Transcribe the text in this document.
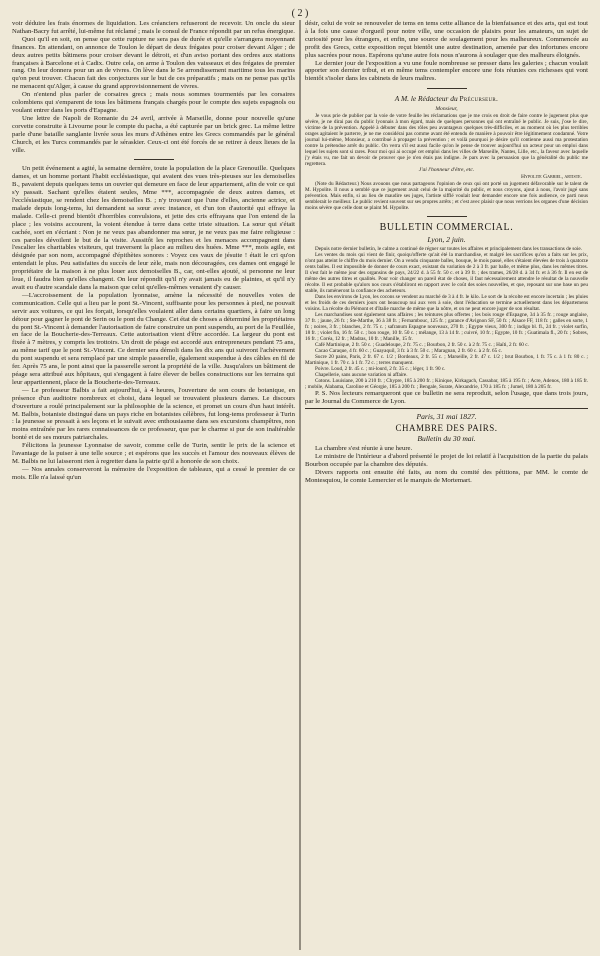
( 2 )

voir déduire les frais énormes de liquidation. Les créanciers refuseront de recevoir. Un oncle du sieur Nathan-Bacry fut arrêté, lui-même fut réclamé ; mais le consul de France répondit par un refus énergique.

Quoi qu'il en soit, on pense que cette rupture ne sera pas de durée et qu'elle s'arrangera moyennant finances. En attendant, on annonce de Toulon le départ de deux frégates pour croiser devant Alger ; de deux autres petits bâtimens pour croiser devant le détroit, et d'un aviso portant des ordres aux stations françaises à Barcelone et à Cadix. Outre cela, on arme à Toulon des vaisseaux et des frégates de premier rang. On leur donnera pour un an de vivres. On lève dans le 5e arrondissement maritime tous les marins qu'on peut trouver. Chacun fait des conjectures sur le but de ces préparatifs ; mais on ne pense pas qu'ils ne menacent qu'Alger, à cause du grand approvisionnement de vivres.

On n'entend plus parler de corsaires grecs ; mais nous sommes tourmentés par les corsaires colombiens qui s'emparent de tous les bâtimens français chargés pour le compte des sujets espagnols ou voulant entrer dans les ports d'Espagne.

Une lettre de Napoli de Romanie du 24 avril, arrivée à Marseille, donne pour nouvelle qu'une corvette construite à Livourne pour le compte du pacha, a été capturée par un brick grec. La même lettre parle d'une bataille sanglante livrée sous les murs d'Athènes entre les Grecs commandés par le général Church, et les Turcs commandés par le séraskier. Ceux-ci ont été forcés de se retirer à deux lieues de la ville.

Un petit événement a agité, la semaine dernière, toute la population de la place Grenouille. Quelques dames, et un homme portant l'habit ecclésiastique, qui avaient des vues très-pieuses sur les demoiselles B., pavaient depuis quelques tems un ouvrier qui demeure en face de leur appartement, afin de voir ce qui s'y passait. Sachant qu'elles étaient seules, Mme ***, accompagnée de deux autres dames, et l'ecclésiastique, se rendent chez les demoiselles B. ; n'y trouvant que l'une d'elles, ancienne actrice, et malade depuis long-tems, lui demandent sa sœur avec instance, et d'un ton d'autorité qui effraye la malade. Celle-ci prend bientôt d'horribles convulsions, et jette des cris effrayans que l'on entend de la place ; les voisins accourent, la voient étendue à terre dans cette triste situation. La sœur qui s'était cachée, sort en s'écriant : Non je ne veux pas abandonner ma sœur, je ne veux pas me faire religieuse : ces paroles dévoilent le but de la visite. Aussitôt les reproches et les menaces accompagnent dans l'escalier les charitables visiteurs, qui traversent la place au milieu des huées. Mme ***, mois agile, est désignée par son nom, accompagné d'épithètes sonores : Voyez ces vaux de jésuite ! était le cri qu'on entendait le plus. Peu satisfaites du succès de leur zèle, mais non découragées, ces dames ont engagé le propriétaire de la maison à ne plus louer aux demoiselles B., car, ont-elles ajouté, si personne ne leur loue, il faudra bien qu'elles changent. On leur répondit qu'il n'y avait jamais eu de plaintes, et qu'il n'y avait eu d'autre scandale dans la maison que celui qu'elles-mêmes venaient d'y causer.

—L'accroissement de la population lyonnaise, amène la nécessité de nouvelles voies de communication. Celle qui a lieu par le pont St.-Vincent, suffisante pour les personnes à pied, ne pouvait servir aux voitures, ce qui les forçait, lorsqu'elles voulaient aller dans certains quartiers, à faire un long détour pour gagner le pont de Serin ou le pont du Change. Cet état de choses a déterminé les propriétaires du pont St.-Vincent à demander l'autorisation de faire construire un pont suspendu, au port de la Feuillée, en face de la Boucherie-des-Terreaux. Cette autorisation vient d'être accordée. La largeur du pont est fixée à 7 mètres, y compris les trottoirs. Un droit de péage est accordé aux entrepreneurs pendant 75 ans, au même tarif que le pont St.-Vincent. Ce dernier sera démoli dans les dix ans qui suivront l'achèvement du pont suspendu et sera remplacé par une simple passerelle, également suspendue à des câbles en fil de fer. Après 75 ans, le pont ainsi que la passerelle seront la propriété de la ville. Jusqu'alors un bâtiment de péage sera attribué aux hôpitaux, qui s'engagent à faire élever de belles constructions sur les terrains qui leur appartiennent, place de la Boucherie-des-Terreaux.

— Le professeur Balbis a fait aujourd'hui, à 4 heures, l'ouverture de son cours de botanique, en présence d'un auditoire nombreux et choisi, dans lequel se trouvaient plusieurs dames. Le discours d'ouverture a roulé principalement sur la philosophie de la science, et promet un cours d'un haut intérêt. M. Balbis, botaniste distingué dans un pays riche en botanistes célèbres, fut long-tems professeur à Turin : la jeunesse se pressait à ses leçons et le suivait avec enthousiasme dans ses excursions champêtres, non moins entraînée par les rares connaissances de ce professeur, que par le charme si pur de son inaltérable bonté et de ses mœurs patriarchales.

Félicitons la jeunesse Lyonnaise de savoir, comme celle de Turin, sentir le prix de la science et l'avantage de la puiser à une telle source ; et espérons que les succès et l'amour des nouveaux élèves de M. Balbis ne lui laisseront rien à regretter dans la patrie qu'il a honorée de son choix.

— Nos annales conserveront la mémoire de l'exposition de tableaux, qui a cessé le premier de ce mois. Elle n'a laissé qu'un

désir, celui de voir se renouveler de tems en tems cette alliance de la bienfaisance et des arts, qui est tout à la fois une cause d'orgueil pour notre ville, une occasion de plaisirs pour les amateurs, un sujet de curiosité pour les étrangers, et enfin, une source de soulagement pour les malheureux. Commencée au profit des Grecs, cette exposition reçut bientôt une autre destination, amenée par des infortunes encore plus sacrées pour nous. Espérons qu'une autre fois nous n'aurons à soulager que des malheurs éloignés.

Le dernier jour de l'exposition a vu une foule nombreuse se presser dans les galeries ; chacun voulait apporter son dernier tribut, et en même tems contempler encore une fois réunies ces richesses qui vont bientôt s'isoler dans les cabinets de leurs maîtres.

A M. le Rédacteur du Précurseur.
Monsieur,

Je vous prie de publier par la voie de votre feuille les réclamations que je me crois en droit de faire contre le jugement plus que sévère, je ne dirai pas du public lyonnais à mon égard, mais de quelques personnes qui ont entraîné le public. Je suis, j'ose le dire, victime de la prévention. Appelé à débuter dans des rôles peu avantageux quelques très-difficiles, et au moment où les plus terribles orages agitaient le parterre, je ne me considérai pas comme avant été entendu de manière à pouvoir être légitimement condamné. Votre journal lui-même, Monsieur, a contribué à propager la prévention ; et voilà pourquoi je désire qu'il contienne aussi ma protestation contre la prétendue arrêt du public. On verra s'il est aussi facile qu'on le pense de trouver aujourd'hui un acteur pour un emploi dans lequel les sujets sont si rares. Pour moi qui ai occupé cet emploi dans les villes de Marseille, Nantes, Lille, etc., la faveur avec laquelle j'y étais vu, me fait un devoir de prouver que je n'en étais pas indigne. Je pars avec la persuasion que la généralité du public me regrettera.

J'ai l'honneur d'être, etc.
Hypolite Gabriel, artiste.

(Note du Rédacteur.) Nous avouons que nous partageons l'opinion de ceux qui ont porté un jugement défavorable sur le talent de M. Hypolite. Il nous a semblé que ce jugement avait celui de la majorité du public, et nous croyons, ajout à nous, l'avoir jugé sans prévention. Mais enfin, si au lieu de maudire ses juges, l'artiste sifflé voulait leur demander encore une fois audience, ce parti nous semblerait le meilleur. Le public revient souvent sur ses propres arrêts ; et c'est avec plaisir que nous verrions les organes d'une décision moins sévère que celle dont se plaint M. Hypolite.

BULLETIN COMMERCIAL.
Lyon, 2 juin.

Depuis notre dernier bulletin, le calme a continué de régner sur toutes les affaires et principalement dans les transactions de soie.

Les ventes du mois qui vient de finir, quoiqu'offerte qu'ait été la marchandise, et malgré les sacrifices qu'on a faits sur les prix, n'ont pas atteint le chiffre du mois dernier. On a vendu cinquante balles, bouque, le mois passé, elles s'étaient élevées de trois à quatorze cents balles. Il est impossible de donner de cours exact, existant du variation de 2 à 3 fr. par balle, et même plus, dans les mêmes titres. Il s'est fait le même jour des organsins de pays, 24/22 d. à 55 fr. 50 c. et à 39 fr. ; des trames, 26/28 d. à 34 fr. et à 36 fr. Il en est de même des autres titres et qualités. Pour voir changer un pareil état de choses, il faut nécessairement attendre le résultat de la nouvelle récolte. Il est probable qu'alors nos cours s'établiront en rapport avec le coût des soies nouvelles, et que, reposant sur une base un peu stable, ils ramèneront la confiance des acheteurs.

Dans les environs de Lyon, les cocons se vendent au marché de 3 à 4 fr. le kilo. Le sort de la récolte est encore incertain ; les pluies et les froids de ces derniers jours ont beaucoup nui aux vers à soie, dont l'éducation se termine actuellement dans les départemens voisins. La récolte du Piémont et d'Italie marche de même que la nôtre, et on ne peut encore juger de son résultat.

Les marchandises sont également sans affaires ; les teintures plus offertes ; les bois rouge d'Espagne, 34 à 35 fr. ; rouge anglaise, 37 fr. ; jaune, 26 fr. ; Ste-Marthe, 36 à 38 fr. ; Fernambouc, 125 fr. ; garance d'Avignon SF, 50 fr. ; Alsace FF, 118 fr. ; galles en sorte, 1 fr. ; noires, 3 fr. ; blanches, 2 fr. 75 c. ; safranum Espagne nouveaux, 270 fr. ; Egypte vieux, 300 fr. ; indigo bl. fl., 24 fr. ; violet surfin, 18 fr. ; violet fin, 16 fr. 50 c. ; bon rouge, 10 fr. 50 c. ; mélange, 13 à 14 fr. ; cuivré, 10 fr. ; Egypte, 10 fr. ; Guatimala fl., 20 fr. ; Sobres, 16 fr. ; Coréa, 12 fr. ; Madras, 10 fr. ; Manille, 15 fr.

Café Martinique, 2 fr. 50 c. ; Guadeloupe, 2 fr. 75 c. ; Bourbon, 2 fr. 50 c. à 2 fr. 75 c. ; Haïti, 2 fr. 60 c.

Cacao Caraque, 4 fr. 60 c. ; Guayaquil, 3 fr. à 3 fr. 50 c. ; Maragnan, 2 fr. 60 c. à 2 fr. 65 c.

Sucre 20 pains, Paris, 2 fr. 67 c. 1/2 ; Bordeaux, 2 fr. 55 c. ; Marseille, 2 fr. 47 c. 1/2 ; brut Bourbon, 1 fr. 75 c. à 1 fr. 80 c. ; Martinique, 1 fr. 70 c. à 1 fr. 72 c. ; terres manquent.

Poivre. Loud, 2 fr. 45 c. ; mi-lourd, 2 fr. 35 c. ; léger, 1 fr. 90 c.

Chapellerie, sans aucune variation ni affaire.

Cotons. Louisiane, 200 à 210 fr. ; Chypre, 185 à 200 fr. ; Kinique, Kirkagach, Cassabar, 185 à 195 fr. ; Acre, Adenos, 180 à 185 fr. ; mobile, Alabama, Caroline et Géorgie, 185 à 200 fr. ; Bengale, Surate, Alexandrie, 170 à 185 fr. ; Jumel, 180 à 205 fr.

P. S. Nos lecteurs remarqueront que ce bulletin ne sera reproduit, selon l'usage, que dans trois jours, par le Journal du Commerce de Lyon.

Paris, 31 mai 1827.
CHAMBRE DES PAIRS.
Bulletin du 30 mai.

La chambre s'est réunie à une heure.

Le ministre de l'intérieur a d'abord présenté le projet de loi relatif à l'acquisition de la partie du palais Bourbon occupée par la chambre des députés.

Divers rapports ont ensuite été faits, au nom du comité des pétitions, par MM. le comte de Montesquiou, le comte Lemercier et le marquis de Mortemart.
